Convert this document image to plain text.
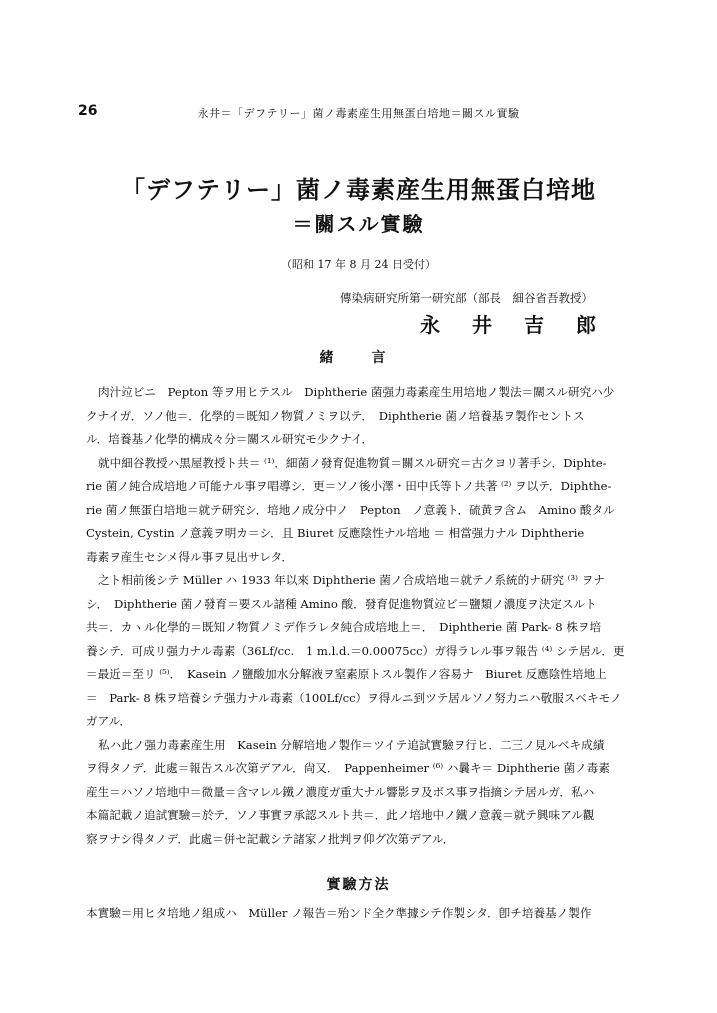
26	永井＝「デフテリー」菌ノ毒素産生用無蛋白培地＝關スル實驗
「デフテリー」菌ノ毒素産生用無蛋白培地
＝關スル實驗
（昭和 17 年 8 月 24 日受付）
傳染病研究所第一研究部（部長　細谷省吾教授）
永井吉郎
緒　言
肉汁竝ビニ　Pepton 等ヲ用ヒテスル　Diphtherie 菌强力毒素産生用培地ノ製法＝關スル研究ハ少
クナイガ．ソノ他＝．化學的＝既知ノ物質ノミヲ以テ．　Diphtherie 菌ノ培養基ヲ製作セントス
ル．培養基ノ化學的構成々分＝關スル研究モ少クナイ．
就中細谷教授ハ黒屋教授ト共＝ ⁽¹⁾．細菌ノ發育促進物質＝關スル研究＝古クヨリ著手シ．Diphte-
rie 菌ノ純合成培地ノ可能ナル事ヲ唱導シ．更＝ソノ後小澤・田中氏等トノ共著 ⁽²⁾ ヲ以テ．Diphthe-
rie 菌ノ無蛋白培地＝就テ研究シ．培地ノ成分中ノ　Pepton　ノ意義ト．硫黄ヲ含ム　Amino 酸タル
Cystein, Cystin ノ意義ヲ明カ＝シ．且 Biuret 反應陰性ナル培地 ＝ 相當强力ナル Diphtherie
毒素ヲ産生セシメ得ル事ヲ見出サレタ．
之ト相前後シテ Müller ハ 1933 年以來 Diphtherie 菌ノ合成培地＝就テノ系統的ナ研究 ⁽³⁾ ヲナ
シ．　Diphtherie 菌ノ發育＝要スル諸種 Amino 酸．發育促進物質竝ビ＝鹽類ノ濃度ヲ決定スルト
共＝．カヽル化學的＝既知ノ物質ノミデ作ラレタ純合成培地上＝．　Diphtherie 菌 Park- 8 株ヲ培
養シテ．可成リ强力ナル毒素（36Lf/cc.　1 m.l.d.＝0.00075cc）ガ得ラレル事ヲ報告 ⁽⁴⁾ シテ居ル．更
＝最近＝至リ ⁽⁵⁾．　Kasein ノ鹽酸加水分解液ヲ窒素原トスル製作ノ容易ナ　Biuret 反應陰性培地上
＝　Park- 8 株ヲ培養シテ强力ナル毒素（100Lf/cc）ヲ得ルニ到ツテ居ルソノ努力ニハ敬服スベキモノ
ガアル．
私ハ此ノ强力毒素産生用　Kasein 分解培地ノ製作＝ツイテ追試實驗ヲ行ヒ．二三ノ見ルベキ成績
ヲ得タノデ．此處＝報告スル次第デアル．尙又．　Pappenheimer ⁽⁶⁾ ハ曩キ＝ Diphtherie 菌ノ毒素
産生＝ハソノ培地中＝微量＝含マレル鐵ノ濃度ガ重大ナル響影ヲ及ボス事ヲ指摘シテ居ルガ．私ハ
本篇記載ノ追試實驗＝於テ．ソノ事實ヲ承認スルト共＝．此ノ培地中ノ鐵ノ意義＝就テ興味アル觀
察ヲナシ得タノデ．此處＝併セ記載シテ諸家ノ批判ヲ仰グ次第デアル．
實驗方法
本實驗＝用ヒタ培地ノ組成ハ　Müller ノ報告＝殆ンド全ク準據シテ作製シタ．卽チ培養基ノ製作
